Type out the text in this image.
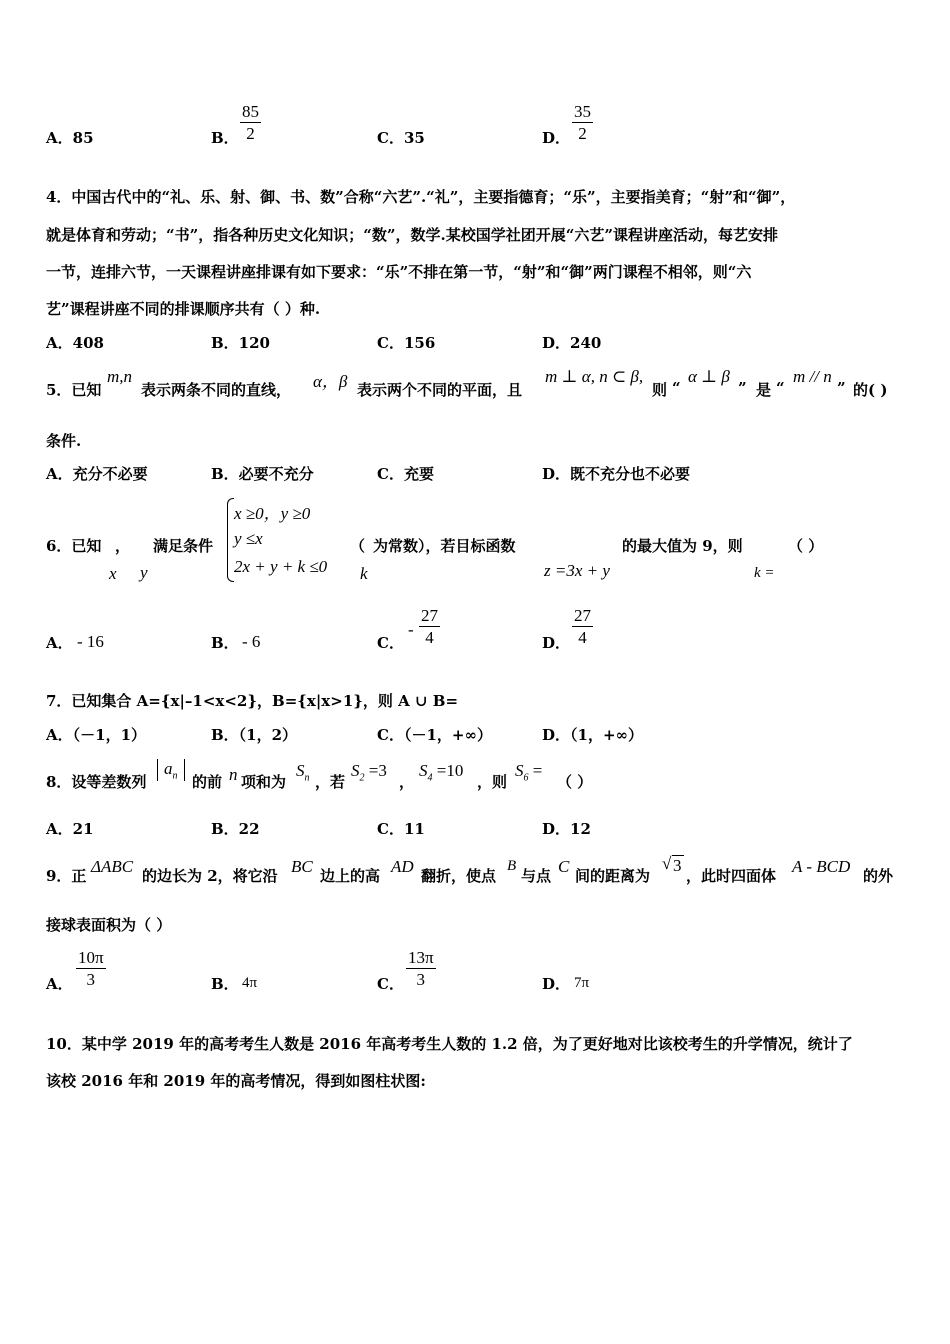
A．85	B． $\frac{85}{2}$	C．35	D． $\frac{35}{2}$
4．中国古代中的“礼、乐、射、御、书、数”合称“六艺”.“礼”，主要指德育；“乐”，主要指美育；“射”和“御”，
就是体育和劳动；“书”，指各种历史文化知识；“数”，数学.某校国学社团开展“六艺”课程讲座活动，每艺安排
一节，连排六节，一天课程讲座排课有如下要求：“乐”不排在第一节，“射”和“御”两门课程不相邻，则“六
艺”课程讲座不同的排课顺序共有（ ）种.
A．408	B．120	C．156	D．240
5．已知
m,n
表示两条不同的直线， α，β 表示两个不同的平面，且
m ⊥ α, n ⊂ β,
则 “
α ⊥ β
” 是 “
m // n
” 的( )
条件.
A．充分不必要	B．必要不充分	C．充要	D．既不充分也不必要
6．已知 ，
x y
满足条件
x ≥0，y ≥0
y ≤x
2x + y + k ≤0
（
k
为常数），若目标函数
z =3x + y
的最大值为 9，则
k =
（ ）
A． - 16	B． - 6	C．
- $\frac{27}{4}$	D． $\frac{27}{4}$
7．已知集合 A={x|–1<x<2}，B={x|x>1}，则 A ∪ B=
A．（－1，1）	B．（1，2）	C．（－1，+∞）	D．（1，+∞）
8．设等差数列
$a_n$ 的前 n 项和为
$S_n$ ，若
$S_2 =3$
，
$S_4 =10$
，则
$S_6$ =
（ ）
A．21	B．22	C．11	D．12
9．正 ΔABC 的边长为 2，将它沿 BC 边上的高 AD 翻折，使点
B
与点 C 间的距离为
√ 3
，此时四面体 A - BCD 的外
接球表面积为（ ）
A． $\frac{10\pi}{3}$	B． 4π	C． $\frac{13\pi}{3}$	D． 7π
10．某中学 2019 年的高考考生人数是 2016 年高考考生人数的 1.2 倍，为了更好地对比该校考生的升学情况，统计了
该校 2016 年和 2019 年的高考情况，得到如图柱状图:
